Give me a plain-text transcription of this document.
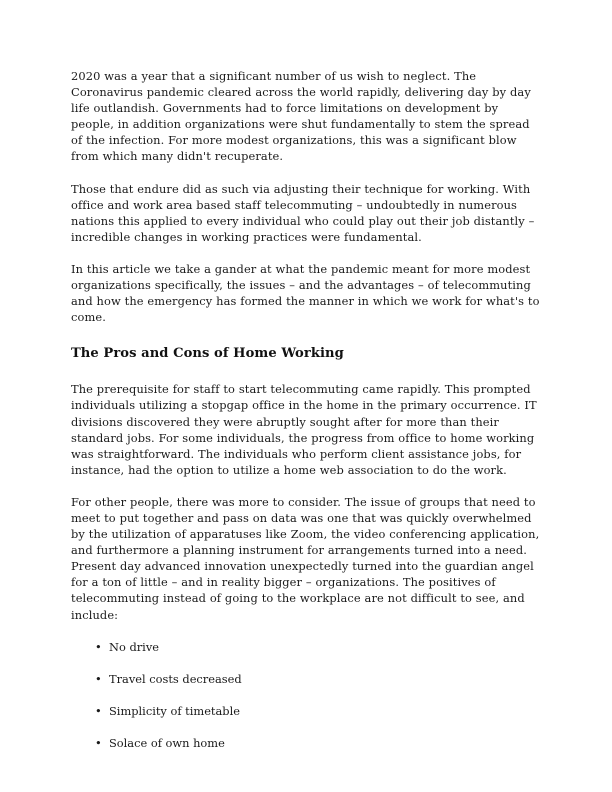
2020 was a year that a significant number of us wish to neglect. The Coronavirus pandemic cleared across the world rapidly, delivering day by day life outlandish. Governments had to force limitations on development by people, in addition organizations were shut fundamentally to stem the spread of the infection. For more modest organizations, this was a significant blow from which many didn't recuperate.

Those that endure did as such via adjusting their technique for working. With office and work area based staff telecommuting – undoubtedly in numerous nations this applied to every individual who could play out their job distantly – incredible changes in working practices were fundamental.

In this article we take a gander at what the pandemic meant for more modest organizations specifically, the issues – and the advantages – of telecommuting and how the emergency has formed the manner in which we work for what's to come.

The Pros and Cons of Home Working

The prerequisite for staff to start telecommuting came rapidly. This prompted individuals utilizing a stopgap office in the home in the primary occurrence. IT divisions discovered they were abruptly sought after for more than their standard jobs. For some individuals, the progress from office to home working was straightforward. The individuals who perform client assistance jobs, for instance, had the option to utilize a home web association to do the work.

For other people, there was more to consider. The issue of groups that need to meet to put together and pass on data was one that was quickly overwhelmed by the utilization of apparatuses like Zoom, the video conferencing application, and furthermore a planning instrument for arrangements turned into a need. Present day advanced innovation unexpectedly turned into the guardian angel for a ton of little – and in reality bigger – organizations. The positives of telecommuting instead of going to the workplace are not difficult to see, and include:

• No drive
• Travel costs decreased
• Simplicity of timetable
• Solace of own home
